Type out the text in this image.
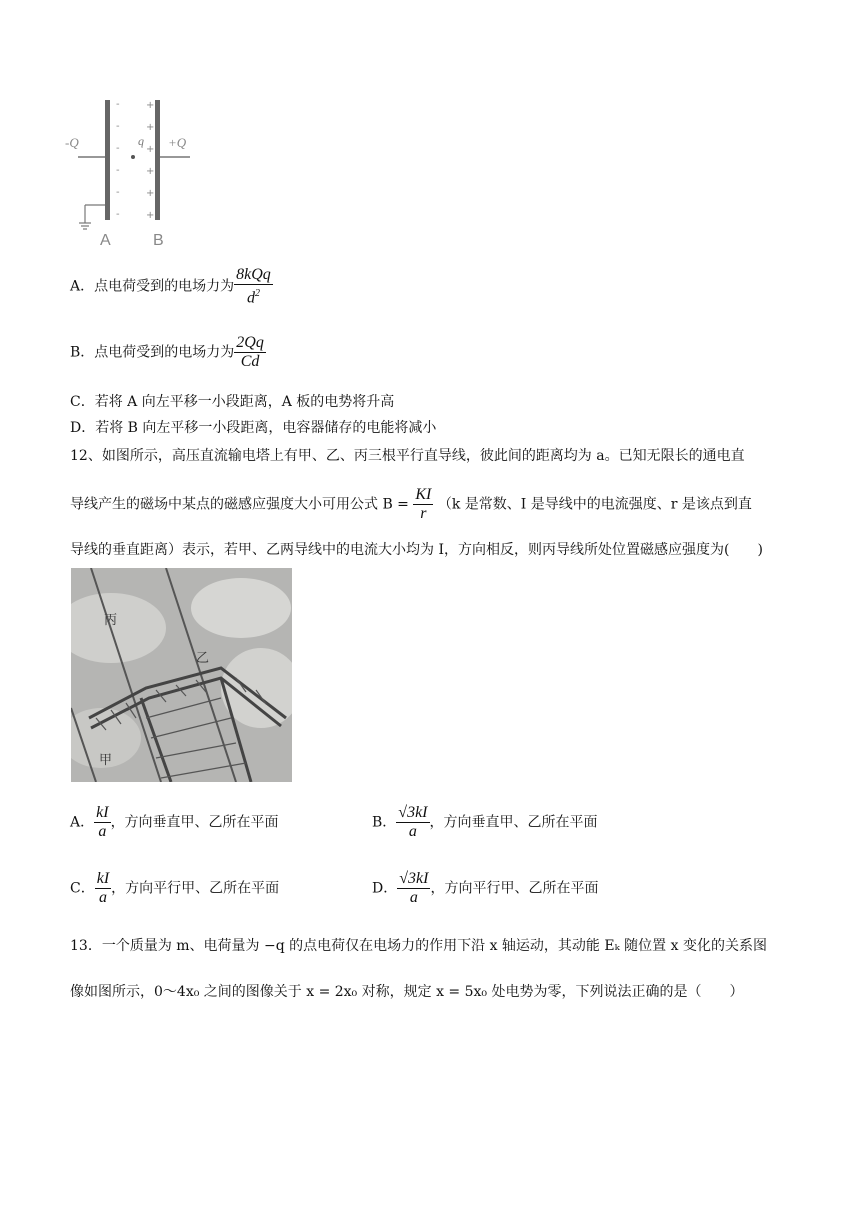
-
-
-
-
-
-
+
+
+
+
+
+
q
-Q	+Q
A	B
A．点电荷受到的电场力为 $\frac{\text{8kQq}}{d^2}$
B．点电荷受到的电场力为 $\frac{2Qq}{Cd}$
C．若将 A 向左平移一小段距离，A 板的电势将升高
D．若将 B 向左平移一小段距离，电容器储存的电能将减小
12、如图所示，高压直流输电塔上有甲、乙、丙三根平行直导线，彼此间的距离均为 a。已知无限长的通电直
导线产生的磁场中某点的磁感应强度大小可用公式 $B = \frac{KI}{r} (k$ 是常数、I 是导线中的电流强度、r 是该点到直
导线的垂直距离）表示，若甲、乙两导线中的电流大小均为 I，方向相反，则丙导线所处位置磁感应强度为(　　)
丙
乙
甲
A． $\frac{kI}{a}$ ，方向垂直甲、乙所在平面	B． $\frac{√3kI}{a}$ ，方向垂直甲、乙所在平面
C． $\frac{kI}{a}$ ，方向平行甲、乙所在平面	D． $\frac{√3kI}{a}$ ，方向平行甲、乙所在平面
13．一个质量为 m、电荷量为 −q 的点电荷仅在电场力的作用下沿 x 轴运动，其动能 Eₖ 随位置 x 变化的关系图
像如图所示，0～4x₀ 之间的图像关于 x = 2x₀ 对称，规定 x = 5x₀ 处电势为零，下列说法正确的是（　　）
